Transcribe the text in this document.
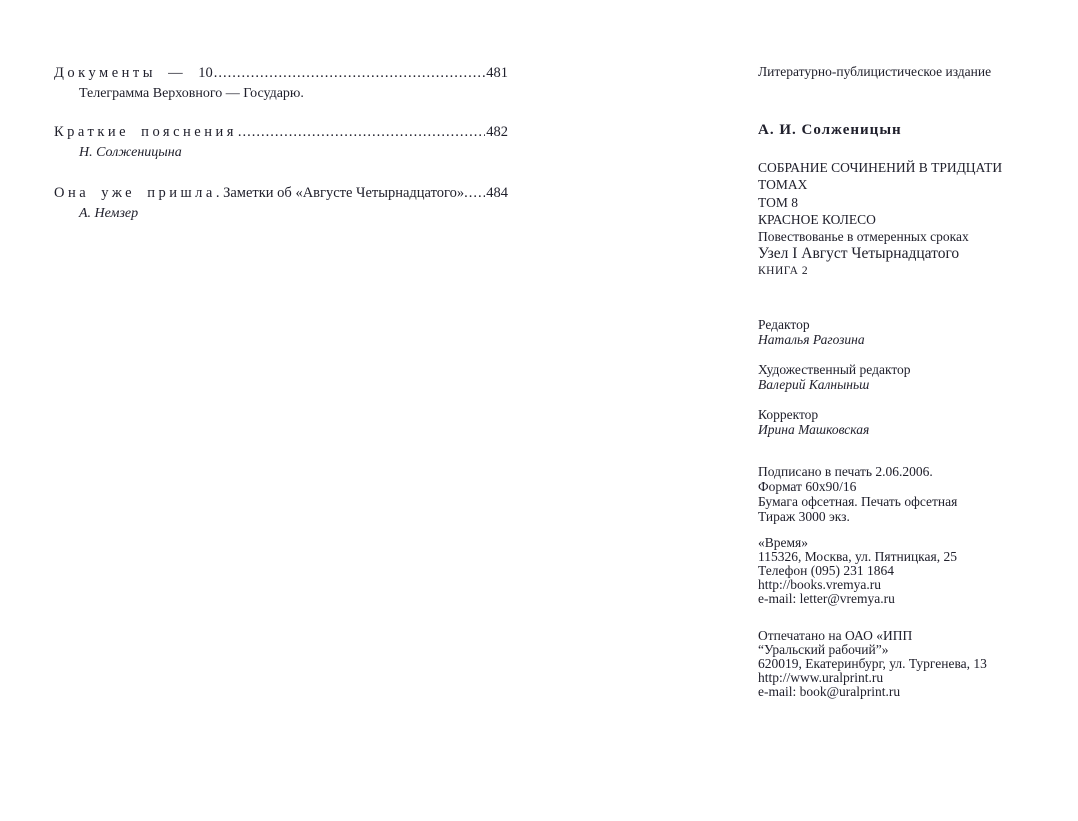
Документы — 10 .....	481
Телеграмма Верховного — Государю.
Краткие пояснения .....	482
Н. Солженицына
Она уже пришла. Заметки об «Августе Четырнадцатого». ..... 484
А. Немзер
Литературно-публицистическое издание
А. И. Солженицын
СОБРАНИЕ СОЧИНЕНИЙ В ТРИДЦАТИ ТОМАХ
ТОМ 8
КРАСНОЕ КОЛЕСО
Повествованье в отмеренных сроках
Узел I Август Четырнадцатого
КНИГА 2
Редактор
Наталья Рагозина
Художественный редактор
Валерий Калныньш
Корректор
Ирина Машковская
Подписано в печать 2.06.2006.
Формат 60х90/16
Бумага офсетная. Печать офсетная
Тираж 3000 экз.
«Время»
115326, Москва, ул. Пятницкая, 25
Телефон (095) 231 1864
http://books.vremya.ru
e-mail: letter@vremya.ru
Отпечатано на ОАО «ИПП
“Уральский рабочий”»
620019, Екатеринбург, ул. Тургенева, 13
http://www.uralprint.ru
e-mail: book@uralprint.ru
